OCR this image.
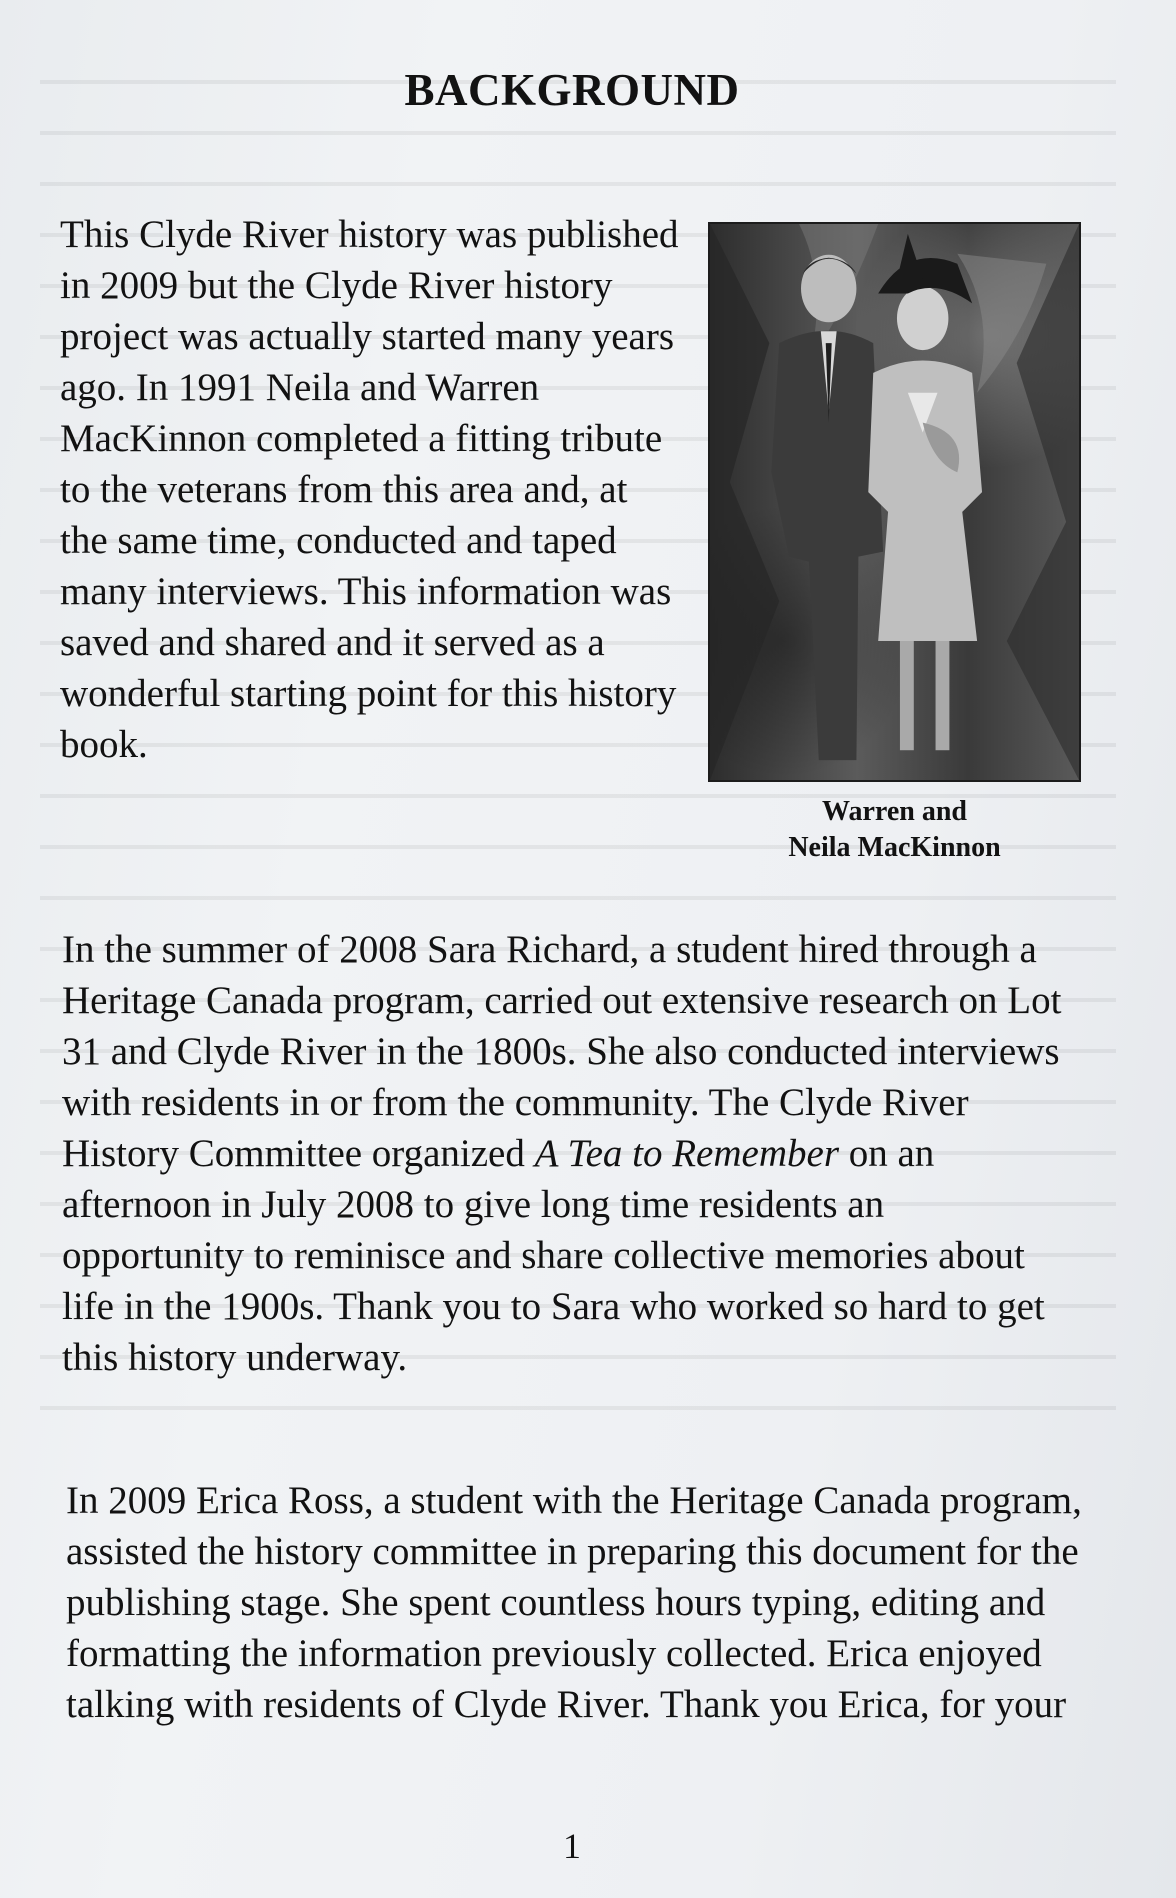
BACKGROUND

This Clyde River history was published in 2009 but the Clyde River history project was actually started many years ago. In 1991 Neila and Warren MacKinnon completed a fitting tribute to the veterans from this area and, at the same time, conducted and taped many interviews. This information was saved and shared and it served as a wonderful starting point for this history book.

Warren and
Neila MacKinnon

In the summer of 2008 Sara Richard, a student hired through a Heritage Canada program, carried out extensive research on Lot 31 and Clyde River in the 1800s. She also conducted interviews with residents in or from the community. The Clyde River History Committee organized A Tea to Remember on an afternoon in July 2008 to give long time residents an opportunity to reminisce and share collective memories about life in the 1900s. Thank you to Sara who worked so hard to get this history underway.

In 2009 Erica Ross, a student with the Heritage Canada program, assisted the history committee in preparing this document for the publishing stage. She spent countless hours typing, editing and formatting the information previously collected. Erica enjoyed talking with residents of Clyde River. Thank you Erica, for your

1
